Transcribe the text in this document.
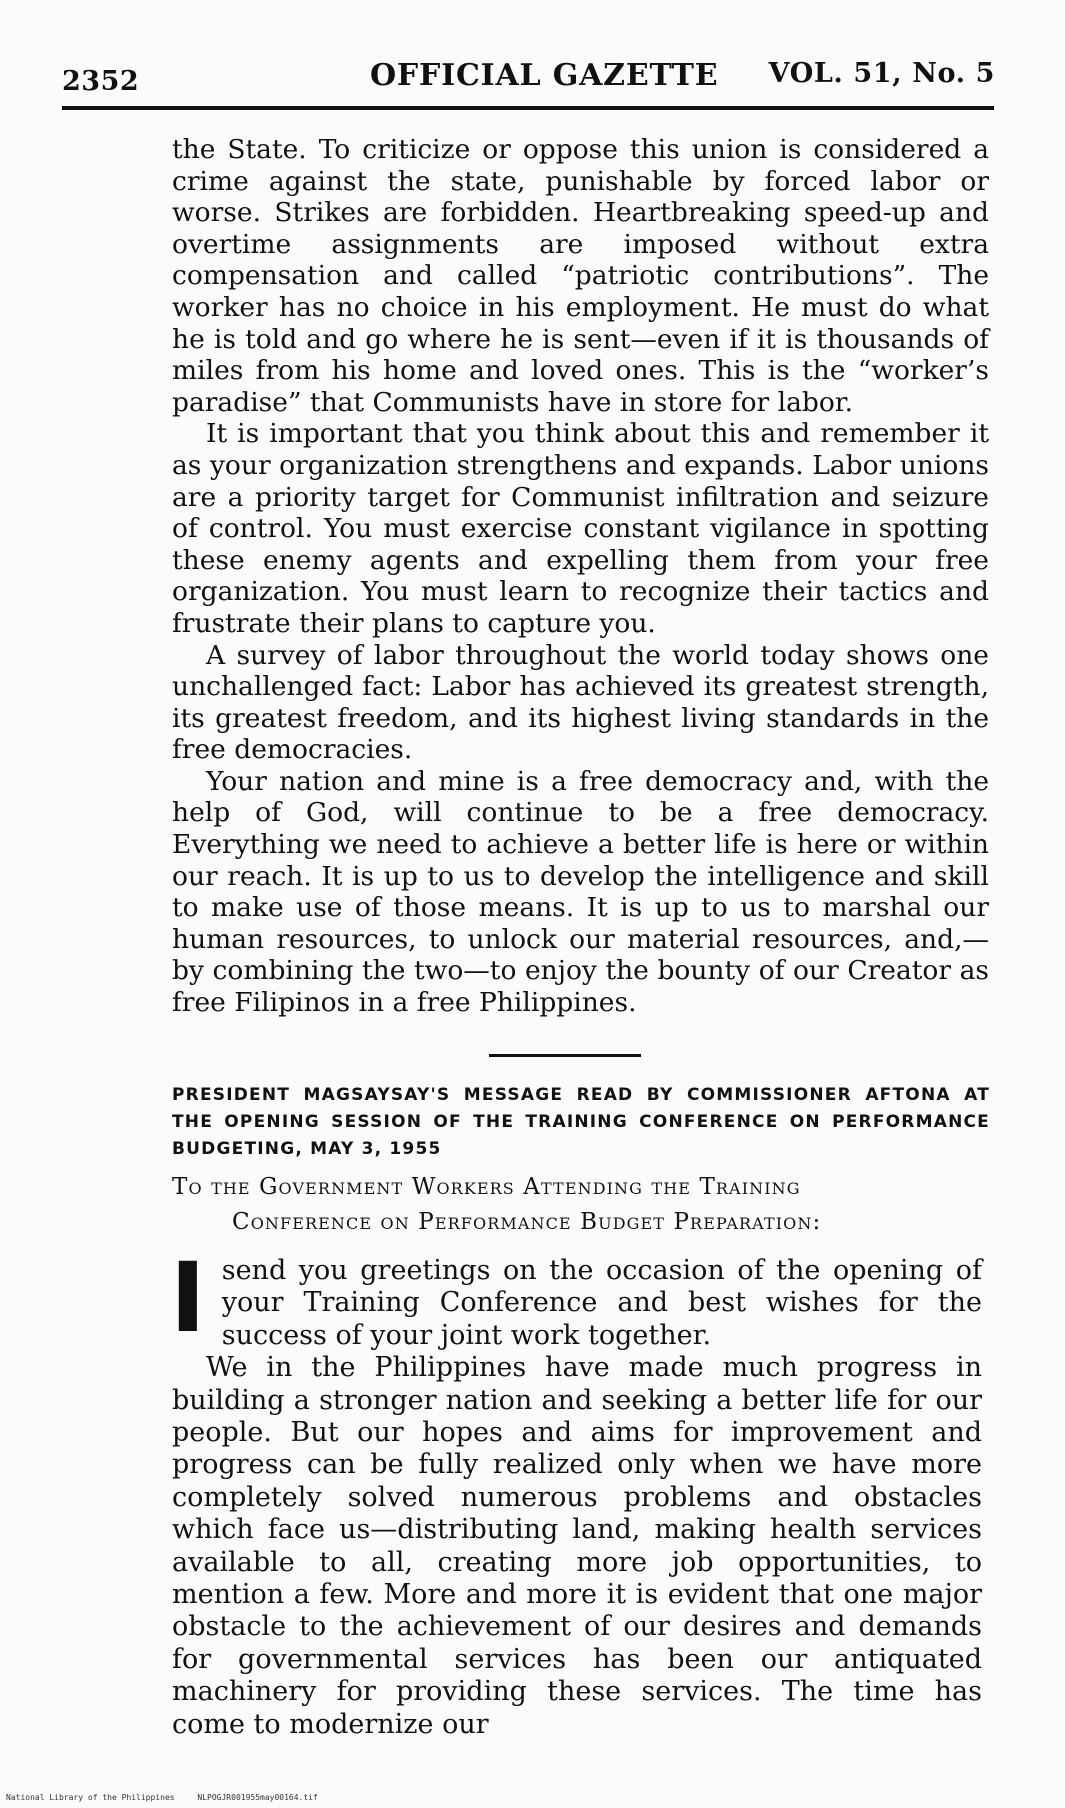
2352	OFFICIAL GAZETTE VOL. 51, No. 5

the State. To criticize or oppose this union is considered a crime against the state, punishable by forced labor or worse. Strikes are forbidden. Heartbreaking speed-up and overtime assignments are imposed without extra compensation and called “patriotic contributions”. The worker has no choice in his employment. He must do what he is told and go where he is sent—even if it is thousands of miles from his home and loved ones. This is the “worker’s paradise” that Communists have in store for labor.

It is important that you think about this and remember it as your organization strengthens and expands. Labor unions are a priority target for Communist infiltration and seizure of control. You must exercise constant vigilance in spotting these enemy agents and expelling them from your free organization. You must learn to recognize their tactics and frustrate their plans to capture you.

A survey of labor throughout the world today shows one unchallenged fact: Labor has achieved its greatest strength, its greatest freedom, and its highest living standards in the free democracies.

Your nation and mine is a free democracy and, with the help of God, will continue to be a free democracy. Everything we need to achieve a better life is here or within our reach. It is up to us to develop the intelligence and skill to make use of those means. It is up to us to marshal our human resources, to unlock our material resources, and,—by combining the two—to enjoy the bounty of our Creator as free Filipinos in a free Philippines.

PRESIDENT MAGSAYSAY'S MESSAGE READ BY COMMISSIONER AFTONA AT THE OPENING SESSION OF THE TRAINING CONFERENCE ON PERFORMANCE BUDGETING, MAY 3, 1955
To the Government Workers Attending the Training
Conference on Performance Budget Preparation:

Isend you greetings on the occasion of the opening of your Training Conference and best wishes for the success of your joint work together.

We in the Philippines have made much progress in building a stronger nation and seeking a better life for our people. But our hopes and aims for improvement and progress can be fully realized only when we have more completely solved numerous problems and obstacles which face us—distributing land, making health services available to all, creating more job opportunities, to mention a few. More and more it is evident that one major obstacle to the achievement of our desires and demands for governmental services has been our antiquated machinery for providing these services. The time has come to modernize our

National Library of the Philippines	NLPOGJR001955may00164.tif
